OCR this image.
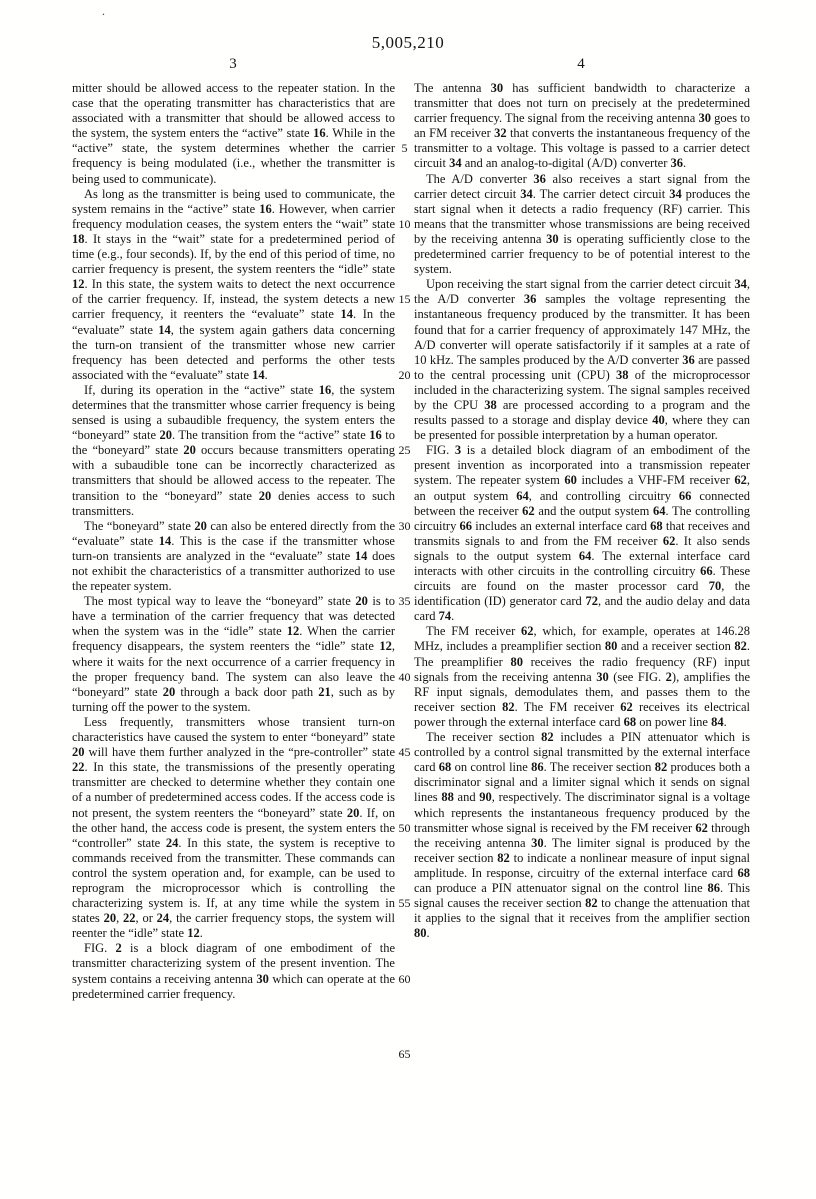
.
5,005,210
3	4

mitter should be allowed access to the repeater station. In the case that the operating transmitter has characteristics that are associated with a transmitter that should be allowed access to the system, the system enters the “active” state 16. While in the “active” state, the system determines whether the carrier frequency is being modulated (i.e., whether the transmitter is being used to communicate).

As long as the transmitter is being used to communicate, the system remains in the “active” state 16. However, when carrier frequency modulation ceases, the system enters the “wait” state 18. It stays in the “wait” state for a predetermined period of time (e.g., four seconds). If, by the end of this period of time, no carrier frequency is present, the system reenters the “idle” state 12. In this state, the system waits to detect the next occurrence of the carrier frequency. If, instead, the system detects a new carrier frequency, it reenters the “evaluate” state 14. In the “evaluate” state 14, the system again gathers data concerning the turn-on transient of the transmitter whose new carrier frequency has been detected and performs the other tests associated with the “evaluate” state 14.

If, during its operation in the “active” state 16, the system determines that the transmitter whose carrier frequency is being sensed is using a subaudible frequency, the system enters the “boneyard” state 20. The transition from the “active” state 16 to the “boneyard” state 20 occurs because transmitters operating with a subaudible tone can be incorrectly characterized as transmitters that should be allowed access to the repeater. The transition to the “boneyard” state 20 denies access to such transmitters.

The “boneyard” state 20 can also be entered directly from the “evaluate” state 14. This is the case if the transmitter whose turn-on transients are analyzed in the “evaluate” state 14 does not exhibit the characteristics of a transmitter authorized to use the repeater system.

The most typical way to leave the “boneyard” state 20 is to have a termination of the carrier frequency that was detected when the system was in the “idle” state 12. When the carrier frequency disappears, the system reenters the “idle” state 12, where it waits for the next occurrence of a carrier frequency in the proper frequency band. The system can also leave the “boneyard” state 20 through a back door path 21, such as by turning off the power to the system.

Less frequently, transmitters whose transient turn-on characteristics have caused the system to enter “boneyard” state 20 will have them further analyzed in the “pre-controller” state 22. In this state, the transmissions of the presently operating transmitter are checked to determine whether they contain one of a number of predetermined access codes. If the access code is not present, the system reenters the “boneyard” state 20. If, on the other hand, the access code is present, the system enters the “controller” state 24. In this state, the system is receptive to commands received from the transmitter. These commands can control the system operation and, for example, can be used to reprogram the microprocessor which is controlling the characterizing system is. If, at any time while the system in states 20, 22, or 24, the carrier frequency stops, the system will reenter the “idle” state 12.

FIG. 2 is a block diagram of one embodiment of the transmitter characterizing system of the present invention. The system contains a receiving antenna 30 which can operate at the predetermined carrier frequency.

5
10
15
20
25
30
35
40
45
50
55
60
65

The antenna 30 has sufficient bandwidth to characterize a transmitter that does not turn on precisely at the predetermined carrier frequency. The signal from the receiving antenna 30 goes to an FM receiver 32 that converts the instantaneous frequency of the transmitter to a voltage. This voltage is passed to a carrier detect circuit 34 and an analog-to-digital (A/D) converter 36.

The A/D converter 36 also receives a start signal from the carrier detect circuit 34. The carrier detect circuit 34 produces the start signal when it detects a radio frequency (RF) carrier. This means that the transmitter whose transmissions are being received by the receiving antenna 30 is operating sufficiently close to the predetermined carrier frequency to be of potential interest to the system.

Upon receiving the start signal from the carrier detect circuit 34, the A/D converter 36 samples the voltage representing the instantaneous frequency produced by the transmitter. It has been found that for a carrier frequency of approximately 147 MHz, the A/D converter will operate satisfactorily if it samples at a rate of 10 kHz. The samples produced by the A/D converter 36 are passed to the central processing unit (CPU) 38 of the microprocessor included in the characterizing system. The signal samples received by the CPU 38 are processed according to a program and the results passed to a storage and display device 40, where they can be presented for possible interpretation by a human operator.

FIG. 3 is a detailed block diagram of an embodiment of the present invention as incorporated into a transmission repeater system. The repeater system 60 includes a VHF-FM receiver 62, an output system 64, and controlling circuitry 66 connected between the receiver 62 and the output system 64. The controlling circuitry 66 includes an external interface card 68 that receives and transmits signals to and from the FM receiver 62. It also sends signals to the output system 64. The external interface card interacts with other circuits in the controlling circuitry 66. These circuits are found on the master processor card 70, the identification (ID) generator card 72, and the audio delay and data card 74.

The FM receiver 62, which, for example, operates at 146.28 MHz, includes a preamplifier section 80 and a receiver section 82. The preamplifier 80 receives the radio frequency (RF) input signals from the receiving antenna 30 (see FIG. 2), amplifies the RF input signals, demodulates them, and passes them to the receiver section 82. The FM receiver 62 receives its electrical power through the external interface card 68 on power line 84.

The receiver section 82 includes a PIN attenuator which is controlled by a control signal transmitted by the external interface card 68 on control line 86. The receiver section 82 produces both a discriminator signal and a limiter signal which it sends on signal lines 88 and 90, respectively. The discriminator signal is a voltage which represents the instantaneous frequency produced by the transmitter whose signal is received by the FM receiver 62 through the receiving antenna 30. The limiter signal is produced by the receiver section 82 to indicate a nonlinear measure of input signal amplitude. In response, circuitry of the external interface card 68 can produce a PIN attenuator signal on the control line 86. This signal causes the receiver section 82 to change the attenuation that it applies to the signal that it receives from the amplifier section 80.
